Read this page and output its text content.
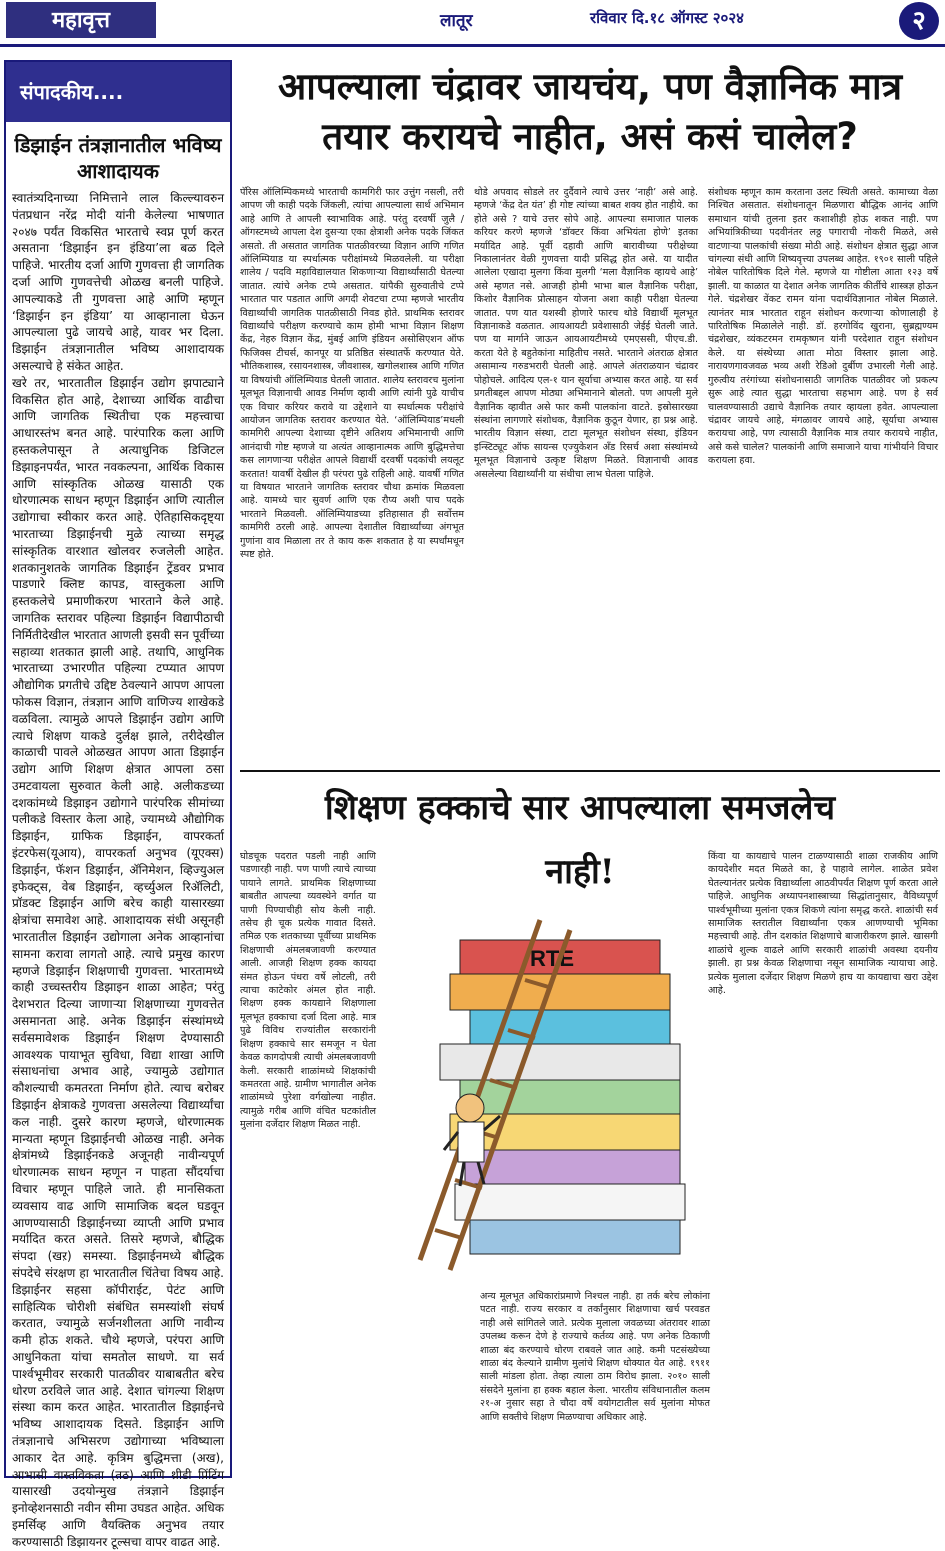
महावृत्त	लातूर	रविवार दि.१८ ऑगस्ट २०२४	२
संपादकीय....
डिझाईन तंत्रज्ञानातील भविष्य आशादायक
स्वातंत्र्यदिनाच्या निमित्ताने लाल किल्ल्यावरुन पंतप्रधान नरेंद्र मोदी यांनी केलेल्या भाषणात २०४७ पर्यंत विकसित भारताचे स्वप्न पूर्ण करत असताना ‘डिझाईन इन इंडिया’ला बळ दिले पाहिजे. भारतीय दर्जा आणि गुणवत्ता ही जागतिक दर्जा आणि गुणवत्तेची ओळख बनली पाहिजे. आपल्याकडे ती गुणवत्ता आहे आणि म्हणून ‘डिझाईन इन इंडिया’ या आव्हानाला घेऊन आपल्याला पुढे जायचे आहे, यावर भर दिला. डिझाईन तंत्रज्ञानातील भविष्य आशादायक असल्याचे हे संकेत आहेत.
खरे तर, भारतातील डिझाईन उद्योग झपाट्याने विकसित होत आहे, देशाच्या आर्थिक वाढीचा आणि जागतिक स्थितीचा एक महत्त्वाचा आधारस्तंभ बनत आहे. पारंपारिक कला आणि हस्तकलेपासून ते अत्याधुनिक डिजिटल डिझाइनपर्यंत, भारत नवकल्पना, आर्थिक विकास आणि सांस्कृतिक ओळख यासाठी एक धोरणात्मक साधन म्हणून डिझाईन आणि त्यातील उद्योगाचा स्वीकार करत आहे. ऐतिहासिकदृष्ट्या भारताच्या डिझाईनची मुळे त्याच्या समृद्ध सांस्कृतिक वारशात खोलवर रुजलेली आहेत. शतकानुशतके जागतिक डिझाईन ट्रेंडवर प्रभाव पाडणारे क्लिष्ट कापड, वास्तुकला आणि हस्तकलेचे प्रमाणीकरण भारताने केले आहे. जागतिक स्तरावर पहिल्या डिझाईन विद्यापीठाची निर्मितीदेखील भारतात आणली इसवी सन पूर्वीच्या सहाव्या शतकात झाली आहे. तथापि, आधुनिक भारताच्या उभारणीत पहिल्या टप्प्यात आपण औद्योगिक प्रगतीचे उद्दिष्ट ठेवल्याने आपण आपला फोकस विज्ञान, तंत्रज्ञान आणि वाणिज्य शाखेकडे वळविला. त्यामुळे आपले डिझाईन उद्योग आणि त्याचे शिक्षण याकडे दुर्लक्ष झाले, तरीदेखील काळाची पावले ओळखत आपण आता डिझाईन उद्योग आणि शिक्षण क्षेत्रात आपला ठसा उमटवायला सुरुवात केली आहे. अलीकडच्या दशकांमध्ये डिझाइन उद्योगाने पारंपरिक सीमांच्या पलीकडे विस्तार केला आहे, ज्यामध्ये औद्योगिक डिझाईन, ग्राफिक डिझाईन, वापरकर्ता इंटरफेस(यूआय), वापरकर्ता अनुभव (यूएक्स) डिझाईन, फॅशन डिझाईन, ॲनिमेशन, व्हिज्युअल इफेक्ट्स, वेब डिझाईन, व्हर्च्युअल रिॲलिटी, प्रॉडक्ट डिझाईन आणि बरेच काही यासारख्या क्षेत्रांचा समावेश आहे. आशादायक संधी असूनही भारतातील डिझाईन उद्योगाला अनेक आव्हानांचा सामना करावा लागतो आहे. त्याचे प्रमुख कारण म्हणजे डिझाईन शिक्षणाची गुणवत्ता. भारतामध्ये काही उच्चस्तरीय डिझाइन शाळा आहेत; परंतु देशभरात दिल्या जाणाऱ्या शिक्षणाच्या गुणवत्तेत असमानता आहे. अनेक डिझाईन संस्थांमध्ये सर्वसमावेशक डिझाईन शिक्षण देण्यासाठी आवश्यक पायाभूत सुविधा, विद्या शाखा आणि संसाधनांचा अभाव आहे, ज्यामुळे उद्योगात कौशल्याची कमतरता निर्माण होते. त्याच बरोबर डिझाईन क्षेत्राकडे गुणवत्ता असलेल्या विद्यार्थ्यांचा कल नाही. दुसरे कारण म्हणजे, धोरणात्मक मान्यता म्हणून डिझाईनची ओळख नाही. अनेक क्षेत्रांमध्ये डिझाईनकडे अजूनही नावीन्यपूर्ण धोरणात्मक साधन म्हणून न पाहता सौंदर्याचा विचार म्हणून पाहिले जाते. ही मानसिकता व्यवसाय वाढ आणि सामाजिक बदल घडवून आणण्यासाठी डिझाईनच्या व्याप्ती आणि प्रभाव मर्यादित करत असते. तिसरे म्हणजे, बौद्धिक संपदा (खऱ) समस्या. डिझाईनमध्ये बौद्धिक संपदेचे संरक्षण हा भारतातील चिंतेचा विषय आहे. डिझाईनर सहसा कॉपीराईट, पेटंट आणि साहित्यिक चोरीशी संबंधित समस्यांशी संघर्ष करतात, ज्यामुळे सर्जनशीलता आणि नावीन्य कमी होऊ शकते. चौथे म्हणजे, परंपरा आणि आधुनिकता यांचा समतोल साधणे. या सर्व पार्श्वभूमीवर सरकारी पातळीवर याबाबतीत बरेच धोरण ठरविले जात आहे. देशात चांगल्या शिक्षण संस्था काम करत आहेत. भारतातील डिझाईनचे भविष्य आशादायक दिसते. डिझाईन आणि तंत्रज्ञानाचे अभिसरण उद्योगाच्या भविष्याला आकार देत आहे. कृत्रिम बुद्धिमत्ता (अख), आभासी वास्तविकता (तठ) आणि थ्रीडी प्रिंटिंग यासारखी उदयोन्मुख तंत्रज्ञाने डिझाईन इनोव्हेशनसाठी नवीन सीमा उघडत आहेत. अधिक इमर्सिव्ह आणि वैयक्तिक अनुभव तयार करण्यासाठी डिझायनर टूल्सचा वापर वाढत आहे.
आपल्याला चंद्रावर जायचंय, पण वैज्ञानिक मात्र तयार करायचे नाहीत, असं कसं चालेल?
पॅरिस ऑलिम्पिकमध्ये भारताची कामगिरी फार उत्तुंग नसली, तरी आपण जी काही पदके जिंकली, त्यांचा आपल्याला सार्थ अभिमान आहे आणि ते आपली स्वाभाविक आहे. परंतु दरवर्षी जुलै / ऑगस्टमध्ये आपला देश दुसऱ्या एका क्षेत्राशी अनेक पदके जिंकत असतो. ती असतात जागतिक पातळीवरच्या विज्ञान आणि गणित ऑलिम्पियाड या स्पर्धात्मक परीक्षांमध्ये मिळवलेली. या परीक्षा शालेय / पदवि महाविद्यालयात शिकणाऱ्या विद्यार्थ्यांसाठी घेतल्या जातात. त्यांचे अनेक टप्पे असतात. यांपैकी सुरुवातीचे टप्पे भारतात पार पडतात आणि अगदी शेवटचा टप्पा म्हणजे भारतीय विद्यार्थ्यांची जागतिक पातळीसाठी निवड होते. प्राथमिक स्तरावर विद्यार्थ्यांचे परीक्षण करण्याचे काम होमी भाभा विज्ञान शिक्षण केंद्र, नेहरु विज्ञान केंद्र, मुंबई आणि इंडियन असोसिएशन ऑफ फिजिक्स टीचर्स, कानपूर या प्रतिष्ठित संस्थातर्फे करण्यात येते. भौतिकशास्त्र, रसायनशास्त्र, जीवशास्त्र, खगोलशास्त्र आणि गणित या विषयांची ऑलिम्पियाड घेतली जातात. शालेय स्तरावरच मुलांना मूलभूत विज्ञानाची आवड निर्माण व्हावी आणि त्यांनी पुढे याचीच एक विचार करियर करावे या उद्देशाने या स्पर्धात्मक परीक्षांचे आयोजन जागतिक स्तरावर करण्यात येते. ‘ऑलिम्पियाड’मधली कामगिरी आपल्या देशाच्या दृष्टीने अतिशय अभिमानाची आणि आनंदाची गोष्ट म्हणजे या अत्यंत आव्हानात्मक आणि बुद्धिमत्तेचा कस लागणाऱ्या परीक्षेत आपले विद्यार्थी दरवर्षी पदकांची लयलूट करतात! यावर्षी देखील ही परंपरा पुढे राहिली आहे. यावर्षी गणित या विषयात भारताने जागतिक स्तरावर चौथा क्रमांक मिळवला आहे. यामध्ये चार सुवर्ण आणि एक रौप्य अशी पाच पदके भारताने मिळवली. ऑलिम्पियाडच्या इतिहासात ही सर्वोत्तम कामगिरी ठरली आहे. आपल्या देशातील विद्यार्थ्यांच्या अंगभूत गुणांना वाव मिळाला तर ते काय करू शकतात हे या स्पर्धांमधून स्पष्ट होते.
थोडे अपवाद सोडले तर दुर्दैवाने त्याचे उत्तर ‘नाही’ असे आहे. म्हणजे ‘केंद्र देत यंत’ ही गोष्ट त्यांच्या बाबत शक्य होत नाहीये. का होते असे ? याचे उत्तर सोपे आहे. आपल्या समाजात पालक करियर करणे म्हणजे ‘डॉक्टर किंवा अभियंता होणे’ इतका मर्यादित आहे. पूर्वी दहावी आणि बारावीच्या परीक्षेच्या निकालानंतर वेळी गुणवत्ता यादी प्रसिद्ध होत असे. या यादीत आलेला एखादा मुलगा किंवा मुलगी ‘मला वैज्ञानिक व्हायचे आहे’ असे म्हणत नसे. आजही होमी भाभा बाल वैज्ञानिक परीक्षा, किशोर वैज्ञानिक प्रोत्साहन योजना अशा काही परीक्षा घेतल्या जातात. पण यात यशस्वी होणारे फारच थोडे विद्यार्थी मूलभूत विज्ञानाकडे वळतात. आयआयटी प्रवेशासाठी जेईई घेतली जाते. पण या मार्गाने जाऊन आयआयटीमध्ये एमएससी, पीएच.डी. करता येते हे बहुतेकांना माहितीच नसते. भारताने अंतराळ क्षेत्रात असामान्य गरुडभरारी घेतली आहे. आपले अंतराळयान चंद्रावर पोहोचले. आदित्य एल-१ यान सूर्याचा अभ्यास करत आहे. या सर्व प्रगतीबद्दल आपण मोठ्या अभिमानाने बोलतो. पण आपली मुले वैज्ञानिक व्हावीत असे फार कमी पालकांना वाटते. इस्रोसारख्या संस्थांना लागणारे संशोधक, वैज्ञानिक कुठून येणार, हा प्रश्न आहे. भारतीय विज्ञान संस्था, टाटा मूलभूत संशोधन संस्था, इंडियन इन्स्टिट्यूट ऑफ सायन्स एज्युकेशन अँड रिसर्च अशा संस्थांमध्ये मूलभूत विज्ञानाचे उत्कृष्ट शिक्षण मिळते. विज्ञानाची आवड असलेल्या विद्यार्थ्यांनी या संधीचा लाभ घेतला पाहिजे.
संशोधक म्हणून काम करताना उलट स्थिती असते. कामाच्या वेळा निश्चित असतात. संशोधनातून मिळणारा बौद्धिक आनंद आणि समाधान यांची तुलना इतर कशाशीही होऊ शकत नाही. पण अभियांत्रिकीच्या पदवीनंतर लठ्ठ पगाराची नोकरी मिळते, असे वाटणाऱ्या पालकांची संख्या मोठी आहे. संशोधन क्षेत्रात सुद्धा आज चांगल्या संधी आणि शिष्यवृत्त्या उपलब्ध आहेत. १९०१ साली पहिले नोबेल पारितोषिक दिले गेले. म्हणजे या गोष्टीला आता १२३ वर्षे झाली. या काळात या देशात अनेक जागतिक कीर्तीचे शास्त्रज्ञ होऊन गेले. चंद्रशेखर वेंकट रामन यांना पदार्थविज्ञानात नोबेल मिळाले. त्यानंतर मात्र भारतात राहून संशोधन करणाऱ्या कोणालाही हे पारितोषिक मिळालेले नाही. डॉ. हरगोविंद खुराना, सुब्रह्मण्यम चंद्रशेखर, व्यंकटरमन रामकृष्णन यांनी परदेशात राहून संशोधन केले. या संस्थेच्या आता मोठा विस्तार झाला आहे. नारायणगावजवळ भव्य अशी रेडिओ दुर्बीण उभारली गेली आहे. गुरुत्वीय तरंगांच्या संशोधनासाठी जागतिक पातळीवर जो प्रकल्प सुरू आहे त्यात सुद्धा भारताचा सहभाग आहे. पण हे सर्व चालवण्यासाठी उद्याचे वैज्ञानिक तयार व्हायला हवेत. आपल्याला चंद्रावर जायचे आहे, मंगळावर जायचे आहे, सूर्याचा अभ्यास करायचा आहे, पण त्यासाठी वैज्ञानिक मात्र तयार करायचे नाहीत, असे कसे चालेल? पालकांनी आणि समाजाने याचा गांभीर्याने विचार करायला हवा.
शिक्षण हक्काचे सार आपल्याला समजलेच नाही!
घोडचूक पदरात पडली नाही आणि पडणारही नाही. पण पाणी त्याचे त्याच्या पायाने लागते. प्राथमिक शिक्षणाच्या बाबतीत आपल्या व्यवस्थेने वर्गात या पाणी पिण्याचीही सोय केली नाही. तसेच ही चूक प्रत्येक गावात दिसते. तमिळ एक शतकाच्या पूर्वीच्या प्राथमिक शिक्षणाची अंमलबजावणी करण्यात आली. आजही शिक्षण हक्क कायदा संमत होऊन पंधरा वर्षे लोटली, तरी त्याचा काटेकोर अंमल होत नाही. शिक्षण हक्क कायद्याने शिक्षणाला मूलभूत हक्काचा दर्जा दिला आहे. मात्र पुढे विविध राज्यांतील सरकारांनी शिक्षण हक्काचे सार समजून न घेता केवळ कागदोपत्री त्याची अंमलबजावणी केली. सरकारी शाळांमध्ये शिक्षकांची कमतरता आहे. ग्रामीण भागातील अनेक शाळांमध्ये पुरेशा वर्गखोल्या नाहीत. त्यामुळे गरीब आणि वंचित घटकांतील मुलांना दर्जेदार शिक्षण मिळत नाही.
अन्य मूलभूत अधिकारांप्रमाणे निश्चल नाही. हा तर्क बरेच लोकांना पटत नाही. राज्य सरकार व तर्कांनुसार शिक्षणाचा खर्च परवडत नाही असे सांगितले जाते. प्रत्येक मुलाला जवळच्या अंतरावर शाळा उपलब्ध करून देणे हे राज्याचे कर्तव्य आहे. पण अनेक ठिकाणी शाळा बंद करण्याचे धोरण राबवले जात आहे. कमी पटसंख्येच्या शाळा बंद केल्याने ग्रामीण मुलांचे शिक्षण धोक्यात येत आहे. १९११ साली मांडला होता. तेव्हा त्याला ठाम विरोध झाला. २०१० साली संसदेने मुलांना हा हक्क बहाल केला. भारतीय संविधानातील कलम २१-अ नुसार सहा ते चौदा वर्षे वयोगटातील सर्व मुलांना मोफत आणि सक्तीचे शिक्षण मिळण्याचा अधिकार आहे.
किंवा या कायद्याचे पालन टाळण्यासाठी शाळा राजकीय आणि कायदेशीर मदत मिळते का, हे पाहावे लागेल. शाळेत प्रवेश घेतल्यानंतर प्रत्येक विद्यार्थ्याला आठवीपर्यंत शिक्षण पूर्ण करता आले पाहिजे. आधुनिक अध्यापनशास्त्राच्या सिद्धांतानुसार, वैविध्यपूर्ण पार्श्वभूमीच्या मुलांना एकत्र शिकणे त्यांना समृद्ध करते. शाळांची सर्व सामाजिक स्तरातील विद्यार्थ्यांना एकत्र आणण्याची भूमिका महत्त्वाची आहे. तीन दशकांत शिक्षणाचे बाजारीकरण झाले. खासगी शाळांचे शुल्क वाढले आणि सरकारी शाळांची अवस्था दयनीय झाली. हा प्रश्न केवळ शिक्षणाचा नसून सामाजिक न्यायाचा आहे. प्रत्येक मुलाला दर्जेदार शिक्षण मिळणे हाच या कायद्याचा खरा उद्देश आहे.
RTE
